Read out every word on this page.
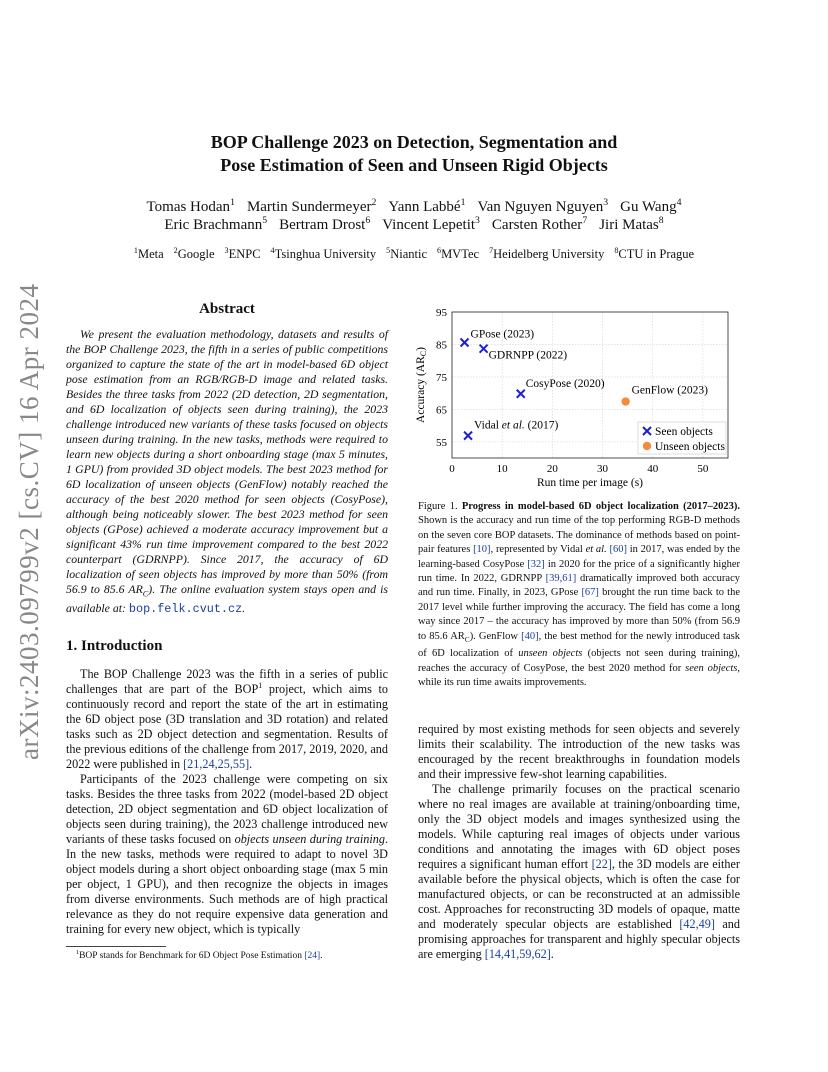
arXiv:2403.09799v2 [cs.CV] 16 Apr 2024
BOP Challenge 2023 on Detection, Segmentation and
Pose Estimation of Seen and Unseen Rigid Objects
Tomas Hodan$^1$ Martin Sundermeyer$^2$ Yann Labbé$^1$ Van Nguyen Nguyen$^3$ Gu Wang$^4$
Eric Brachmann$^5$ Bertram Drost$^6$ Vincent Lepetit$^3$ Carsten Rother$^7$ Jiri Matas$^8$
$^1$Meta $^2$Google $^3$ENPC $^4$Tsinghua University $^5$Niantic $^6$MVTec $^7$Heidelberg University $^8$CTU in Prague
Abstract
We present the evaluation methodology, datasets and results of the BOP Challenge 2023, the fifth in a series of public competitions organized to capture the state of the art in model-based 6D object pose estimation from an RGB/RGB-D image and related tasks. Besides the three tasks from 2022 (2D detection, 2D segmentation, and 6D localization of objects seen during training), the 2023 challenge introduced new variants of these tasks focused on objects unseen during training. In the new tasks, methods were required to learn new objects during a short onboarding stage (max 5 minutes, 1 GPU) from provided 3D object models. The best 2023 method for 6D localization of unseen objects (GenFlow) notably reached the accuracy of the best 2020 method for seen objects (CosyPose), although being noticeably slower. The best 2023 method for seen objects (GPose) achieved a moderate accuracy improvement but a significant 43% run time improvement compared to the best 2022 counterpart (GDRNPP). Since 2017, the accuracy of 6D localization of seen objects has improved by more than 50% (from 56.9 to 85.6 $AR_C$). The online evaluation system stays open and is available at: bop.felk.cvut.cz.
1. Introduction

The BOP Challenge 2023 was the fifth in a series of public challenges that are part of the BOP$^1$ project, which aims to continuously record and report the state of the art in estimating the 6D object pose (3D translation and 3D rotation) and related tasks such as 2D object detection and segmentation. Results of the previous editions of the challenge from 2017, 2019, 2020, and 2022 were published in [21,24,25,55].

Participants of the 2023 challenge were competing on six tasks. Besides the three tasks from 2022 (model-based 2D object detection, 2D object segmentation and 6D object localization of objects seen during training), the 2023 challenge introduced new variants of these tasks focused on objects unseen during training. In the new tasks, methods were required to adapt to novel 3D object models during a short object onboarding stage (max 5 min per object, 1 GPU), and then recognize the objects in images from diverse environments. Such methods are of high practical relevance as they do not require expensive data generation and training for every new object, which is typically

$^1$BOP stands for Benchmark for 6D Object Pose Estimation [24].
0	10	20	30	40	50
55
65
75
85
95
GPose (2023)
GDRNPP (2022)
CosyPose (2020)
Vidal et al. (2017)
GenFlow (2023)
Seen objects
Unseen objects
Run time per image (s)
Accuracy (ARC)
Figure 1. Progress in model-based 6D object localization (2017–2023). Shown is the accuracy and run time of the top performing RGB-D methods on the seven core BOP datasets. The dominance of methods based on point-pair features [10], represented by Vidal et al. [60] in 2017, was ended by the learning-based CosyPose [32] in 2020 for the price of a significantly higher run time. In 2022, GDRNPP [39,61] dramatically improved both accuracy and run time. Finally, in 2023, GPose [67] brought the run time back to the 2017 level while further improving the accuracy. The field has come a long way since 2017 – the accuracy has improved by more than 50% (from 56.9 to 85.6 $AR_C$). GenFlow [40], the best method for the newly introduced task of 6D localization of unseen objects (objects not seen during training), reaches the accuracy of CosyPose, the best 2020 method for seen objects, while its run time awaits improvements.

required by most existing methods for seen objects and severely limits their scalability. The introduction of the new tasks was encouraged by the recent breakthroughs in foundation models and their impressive few-shot learning capabilities.

The challenge primarily focuses on the practical scenario where no real images are available at training/onboarding time, only the 3D object models and images synthesized using the models. While capturing real images of objects under various conditions and annotating the images with 6D object poses requires a significant human effort [22], the 3D models are either available before the physical objects, which is often the case for manufactured objects, or can be reconstructed at an admissible cost. Approaches for reconstructing 3D models of opaque, matte and moderately specular objects are established [42,49] and promising approaches for transparent and highly specular objects are emerging [14,41,59,62].
